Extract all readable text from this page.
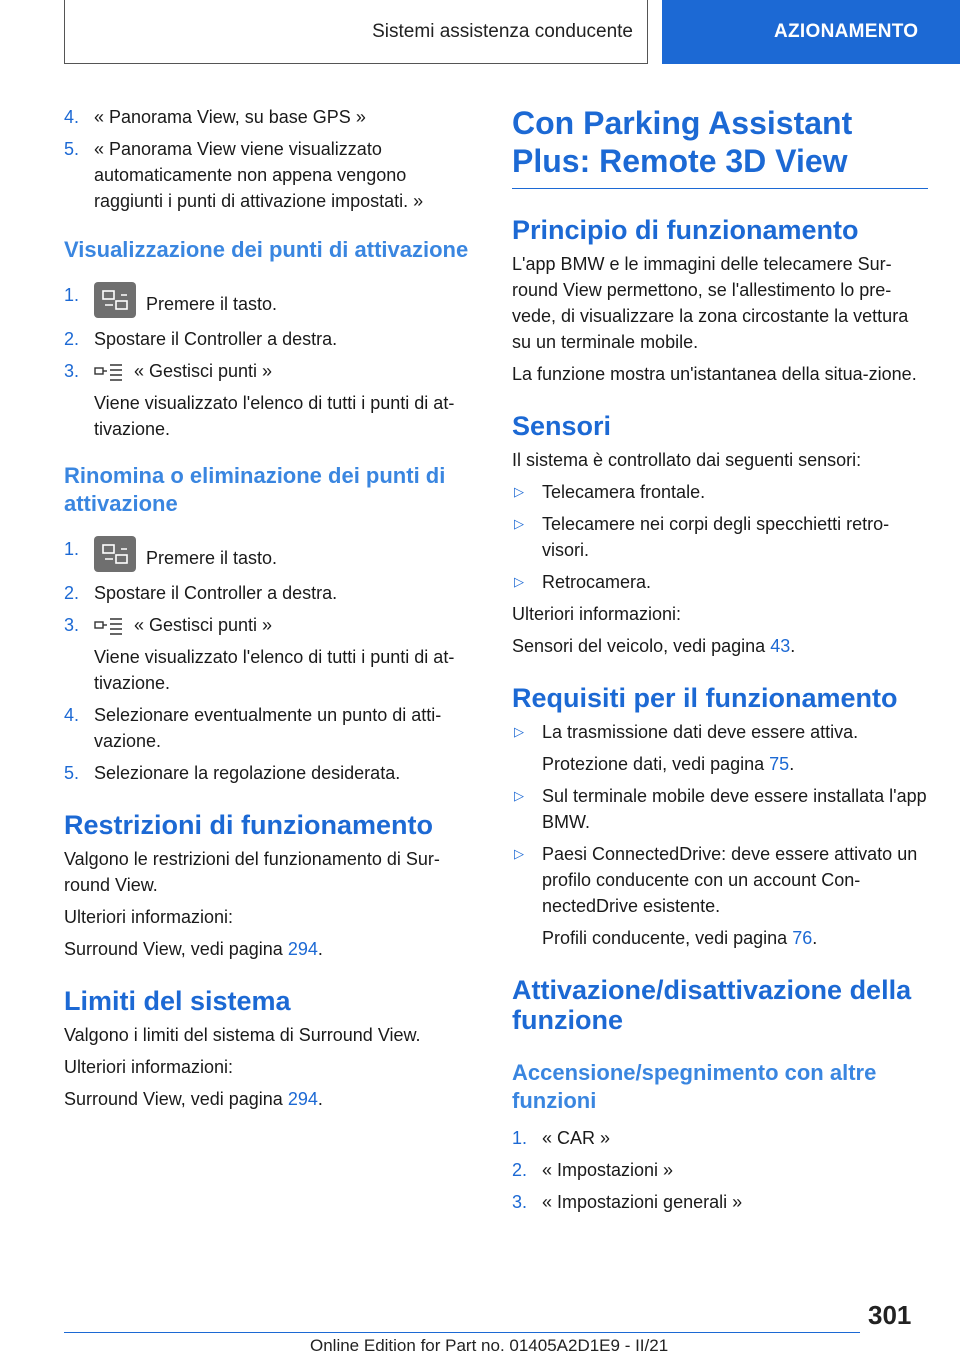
Sistemi assistenza conducente	AZIONAMENTO
4. « Panorama View, su base GPS »
5. « Panorama View viene visualizzato automaticamente non appena vengono raggiunti i punti di attivazione impostati. »
Visualizzazione dei punti di attivazione
1.	Premere il tasto.
2. Spostare il Controller a destra.
3.	« Gestisci punti »
Viene visualizzato l'elenco di tutti i punti di at‐tivazione.
Rinomina o eliminazione dei punti di attivazione
1.	Premere il tasto.
2. Spostare il Controller a destra.
3.	« Gestisci punti »
Viene visualizzato l'elenco di tutti i punti di at‐tivazione.
4. Selezionare eventualmente un punto di atti‐vazione.
5. Selezionare la regolazione desiderata.
Restrizioni di funzionamento

Valgono le restrizioni del funzionamento di Sur‐round View.

Ulteriori informazioni:

Surround View, vedi pagina 294.

Limiti del sistema

Valgono i limiti del sistema di Surround View.

Ulteriori informazioni:

Surround View, vedi pagina 294.

Con Parking Assistant Plus: Remote 3D View
Principio di funzionamento

L'app BMW e le immagini delle telecamere Sur‐round View permettono, se l'allestimento lo pre‐vede, di visualizzare la zona circostante la vettura su un terminale mobile.

La funzione mostra un'istantanea della situa‐zione.

Sensori

Il sistema è controllato dai seguenti sensori:

▷ Telecamera frontale.
▷ Telecamere nei corpi degli specchietti retro‐visori.
▷ Retrocamera.

Ulteriori informazioni:

Sensori del veicolo, vedi pagina 43.

Requisiti per il funzionamento
▷ La trasmissione dati deve essere attiva.
Protezione dati, vedi pagina 75.
▷ Sul terminale mobile deve essere installata l'app BMW.
▷ Paesi ConnectedDrive: deve essere attivato un profilo conducente con un account Con‐nectedDrive esistente.
Profili conducente, vedi pagina 76.
Attivazione/disattivazione della funzione
Accensione/spegnimento con altre funzioni
1. « CAR »
2. « Impostazioni »
3. « Impostazioni generali »
301
Online Edition for Part no. 01405A2D1E9 - II/21
